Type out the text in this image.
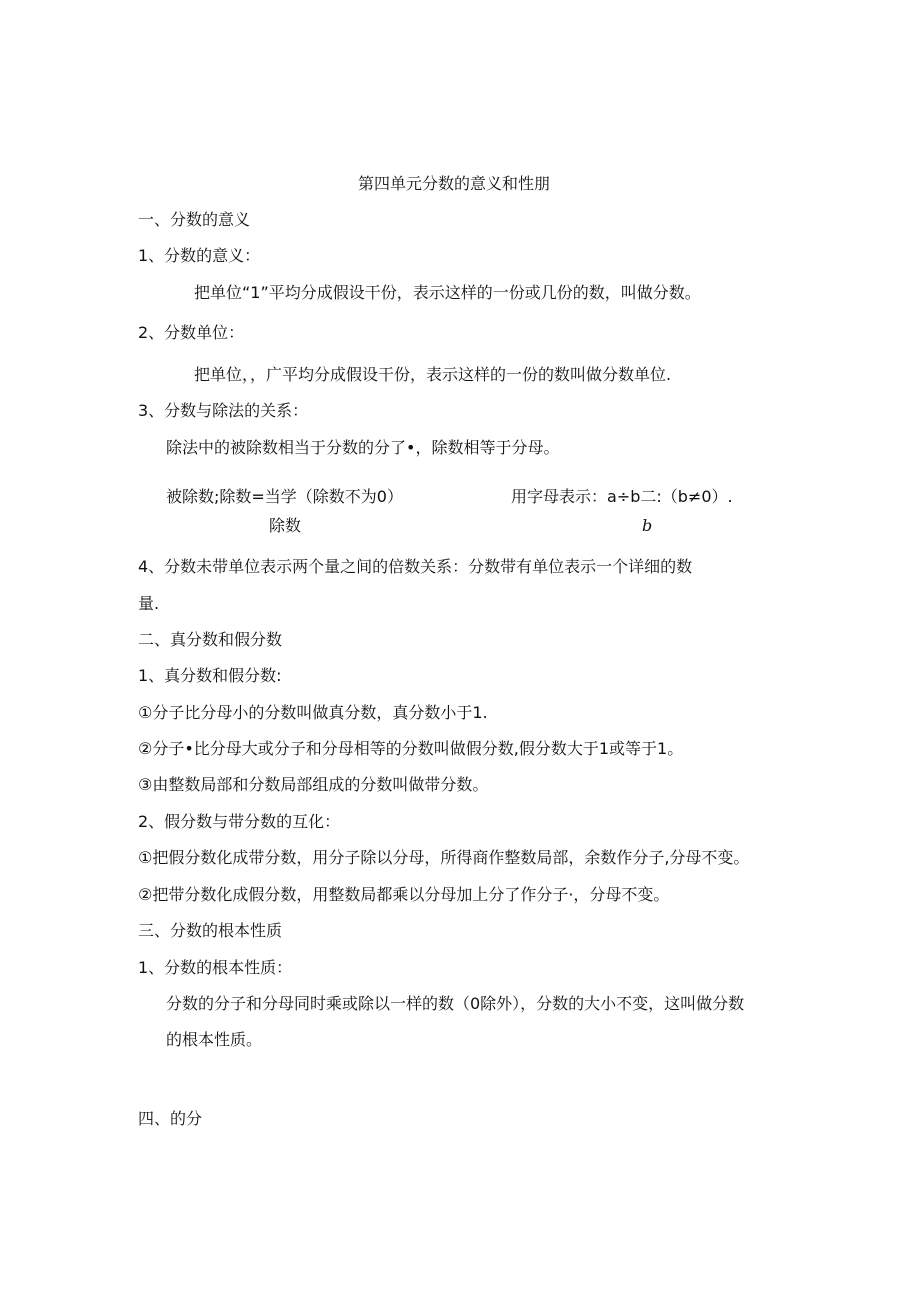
第四单元分数的意义和性朋
一、分数的意义
1、分数的意义：
把单位“1”平均分成假设干份，表示这样的一份或几份的数，叫做分数。
2、分数单位：
把单位，，广平均分成假设干份，表示这样的一份的数叫做分数单位.
3、分数与除法的关系：
除法中的被除数相当于分数的分了•，除数相等于分母。
被除数;除数=当学（除数不为0）
除数
用字母表示：a÷b二:（b≠0）.
b
4、分数未带单位表示两个量之间的倍数关系：分数带有单位表示一个详细的数
量.
二、真分数和假分数
1、真分数和假分数:
①分子比分母小的分数叫做真分数，真分数小于1.
②分子•比分母大或分子和分母相等的分数叫做假分数,假分数大于1或等于1。
③由整数局部和分数局部组成的分数叫做带分数。
2、假分数与带分数的互化：
①把假分数化成带分数，用分子除以分母，所得商作整数局部，余数作分子,分母不变。
②把带分数化成假分数，用整数局都乘以分母加上分了作分子·，分母不变。
三、分数的根本性质
1、分数的根本性质：
分数的分子和分母同时乘或除以一样的数（0除外），分数的大小不变，这叫做分数
的根本性质。
四、的分
